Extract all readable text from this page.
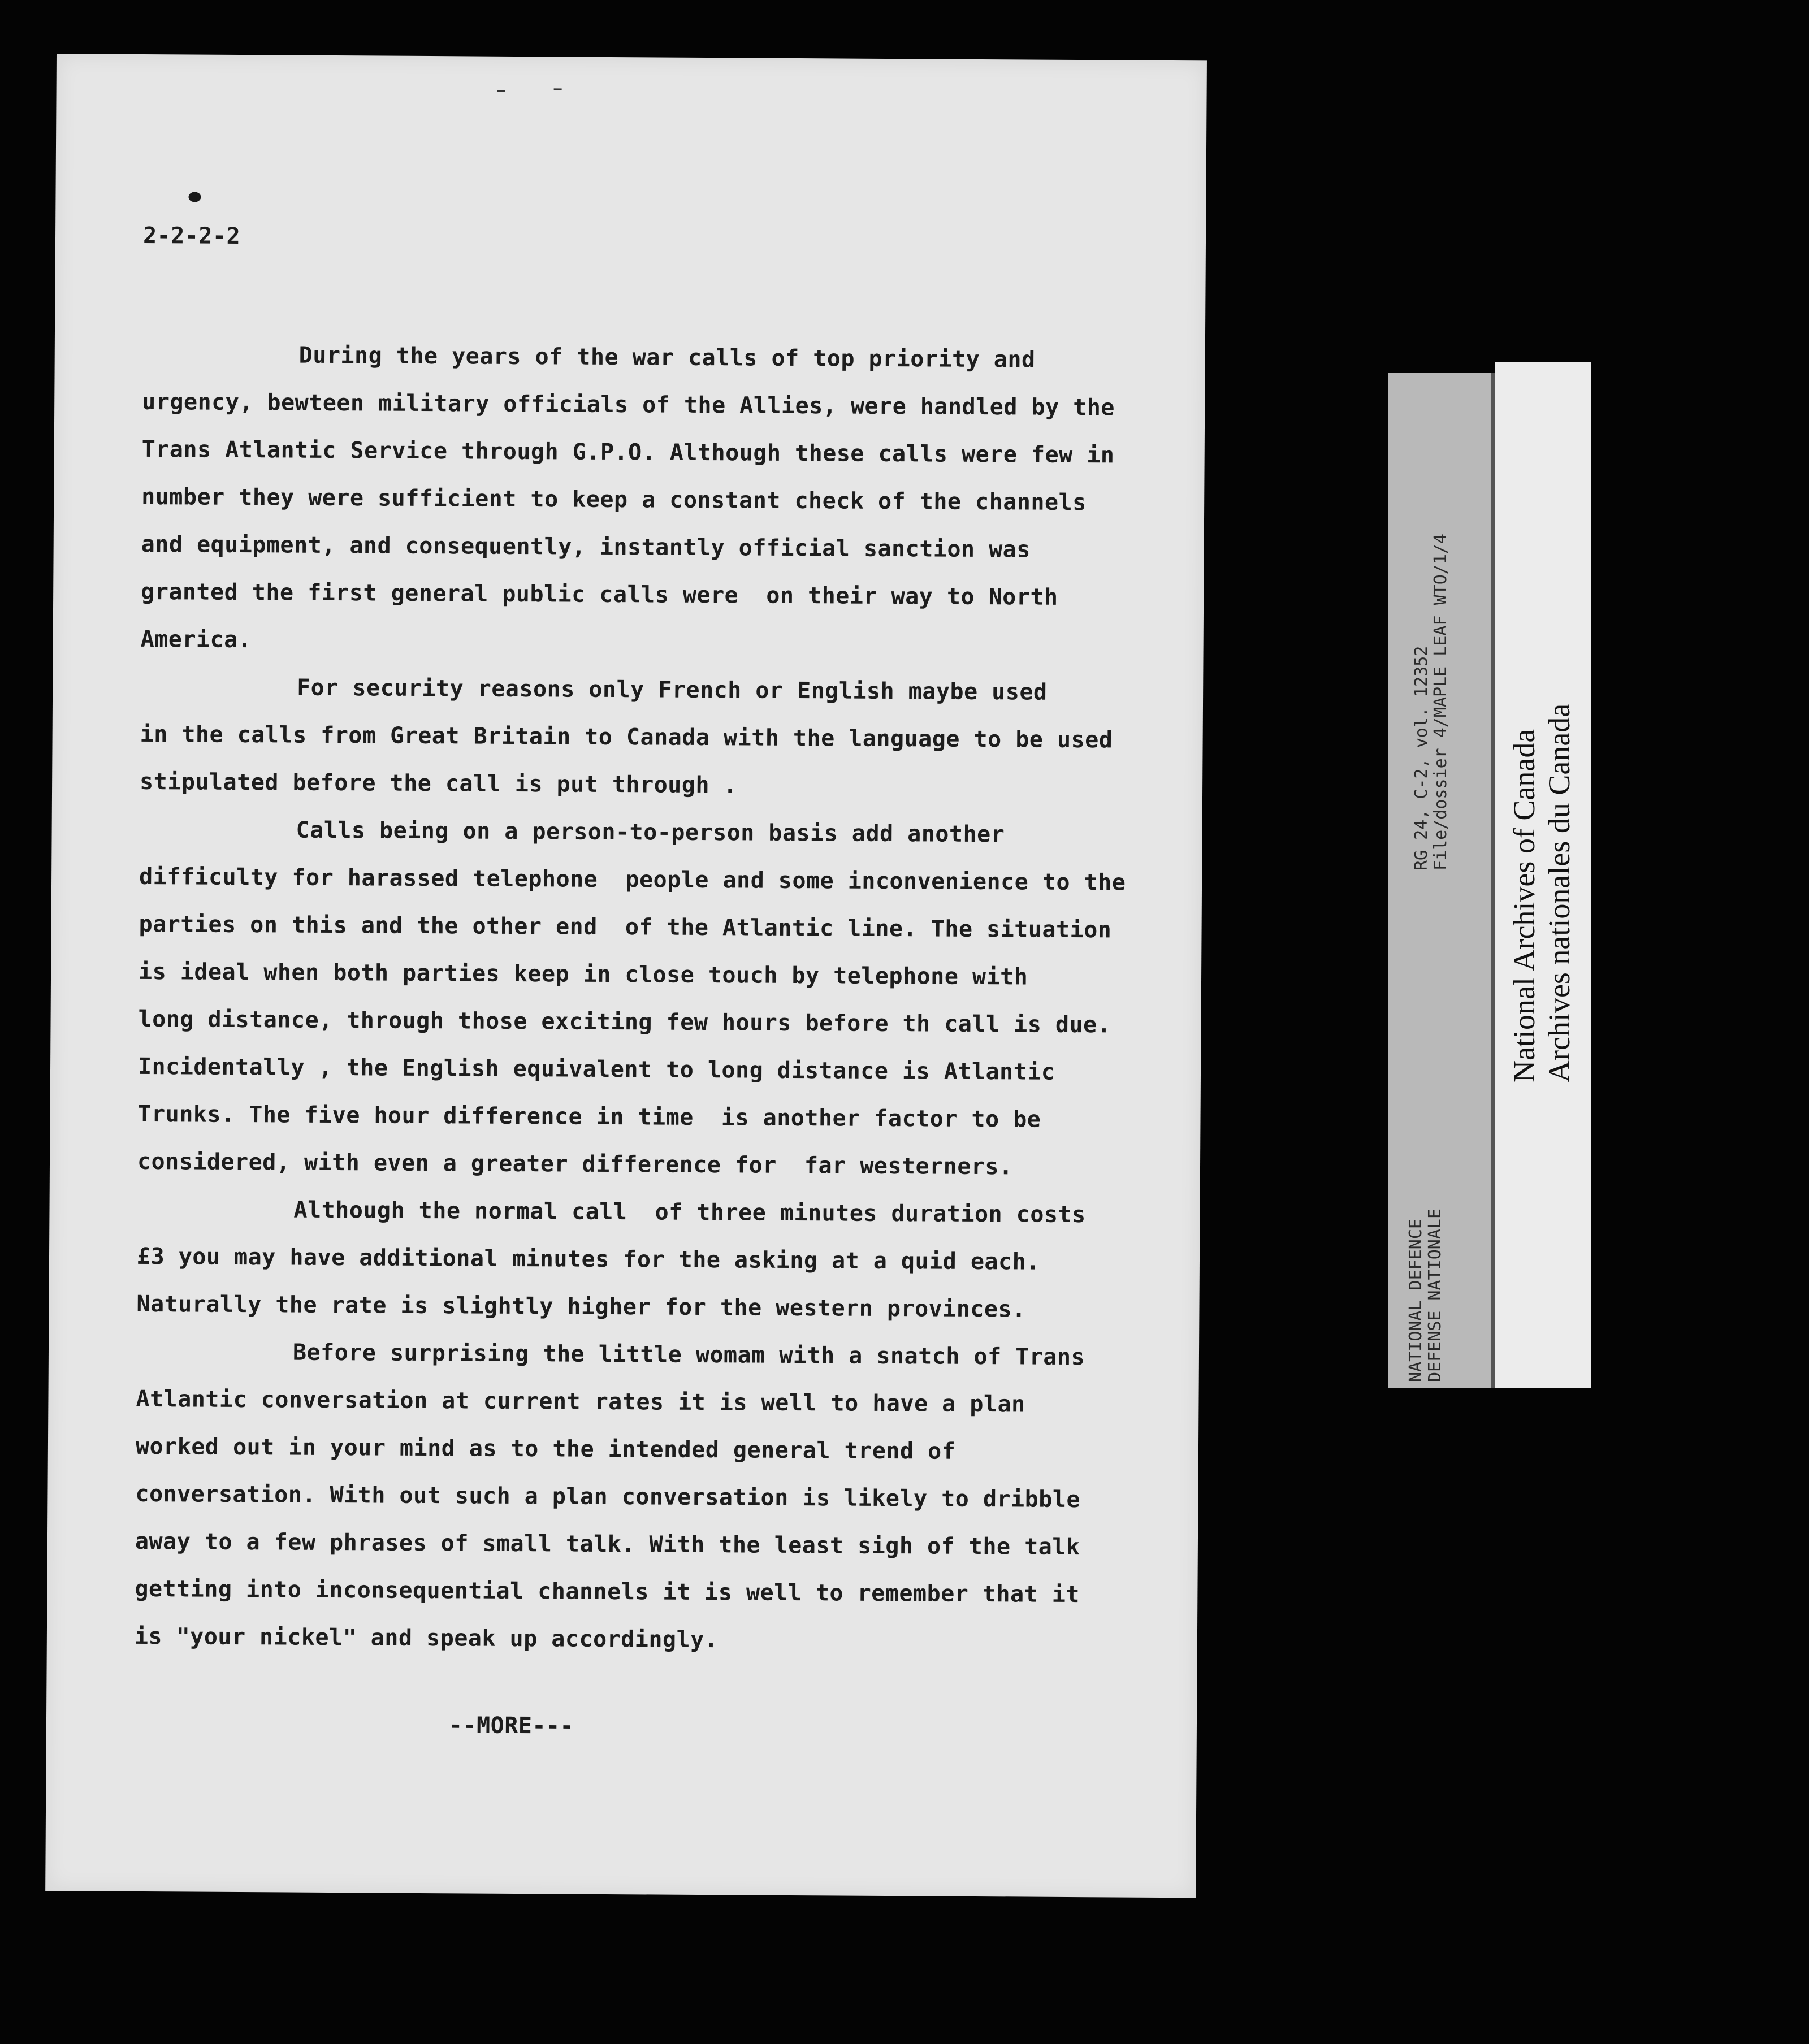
2-2-2-2
During the years of the war calls of top priority and
urgency, bewteen military officials of the Allies, were handled by the
Trans Atlantic Service through G.P.O. Although these calls were few in
number they were sufficient to keep a constant check of the channels
and equipment, and consequently, instantly official sanction was
granted the first general public calls were  on their way to North
America.
For security reasons only French or English maybe used
in the calls from Great Britain to Canada with the language to be used
stipulated before the call is put through .
Calls being on a person-to-person basis add another
difficulty for harassed telephone  people and some inconvenience to the
parties on this and the other end  of the Atlantic line. The situation
is ideal when both parties keep in close touch by telephone with
long distance, through those exciting few hours before th call is due.
Incidentally , the English equivalent to long distance is Atlantic
Trunks. The five hour difference in time  is another factor to be
considered, with even a greater difference for  far westerners.
Although the normal call  of three minutes duration costs
£3 you may have additional minutes for the asking at a quid each.
Naturally the rate is slightly higher for the western provinces.
Before surprising the little womam with a snatch of Trans
Atlantic conversation at current rates it is well to have a plan
worked out in your mind as to the intended general trend of
conversation. With out such a plan conversation is likely to dribble
away to a few phrases of small talk. With the least sigh of the talk
getting into inconsequential channels it is well to remember that it
is "your nickel" and speak up accordingly.
--MORE---
RG 24, C-2, vol. 12352 File/dossier 4/MAPLE LEAF WTO/1/4
NATIONAL DEFENCE DEFENSE NATIONALE
National Archives of Canada Archives nationales du Canada
